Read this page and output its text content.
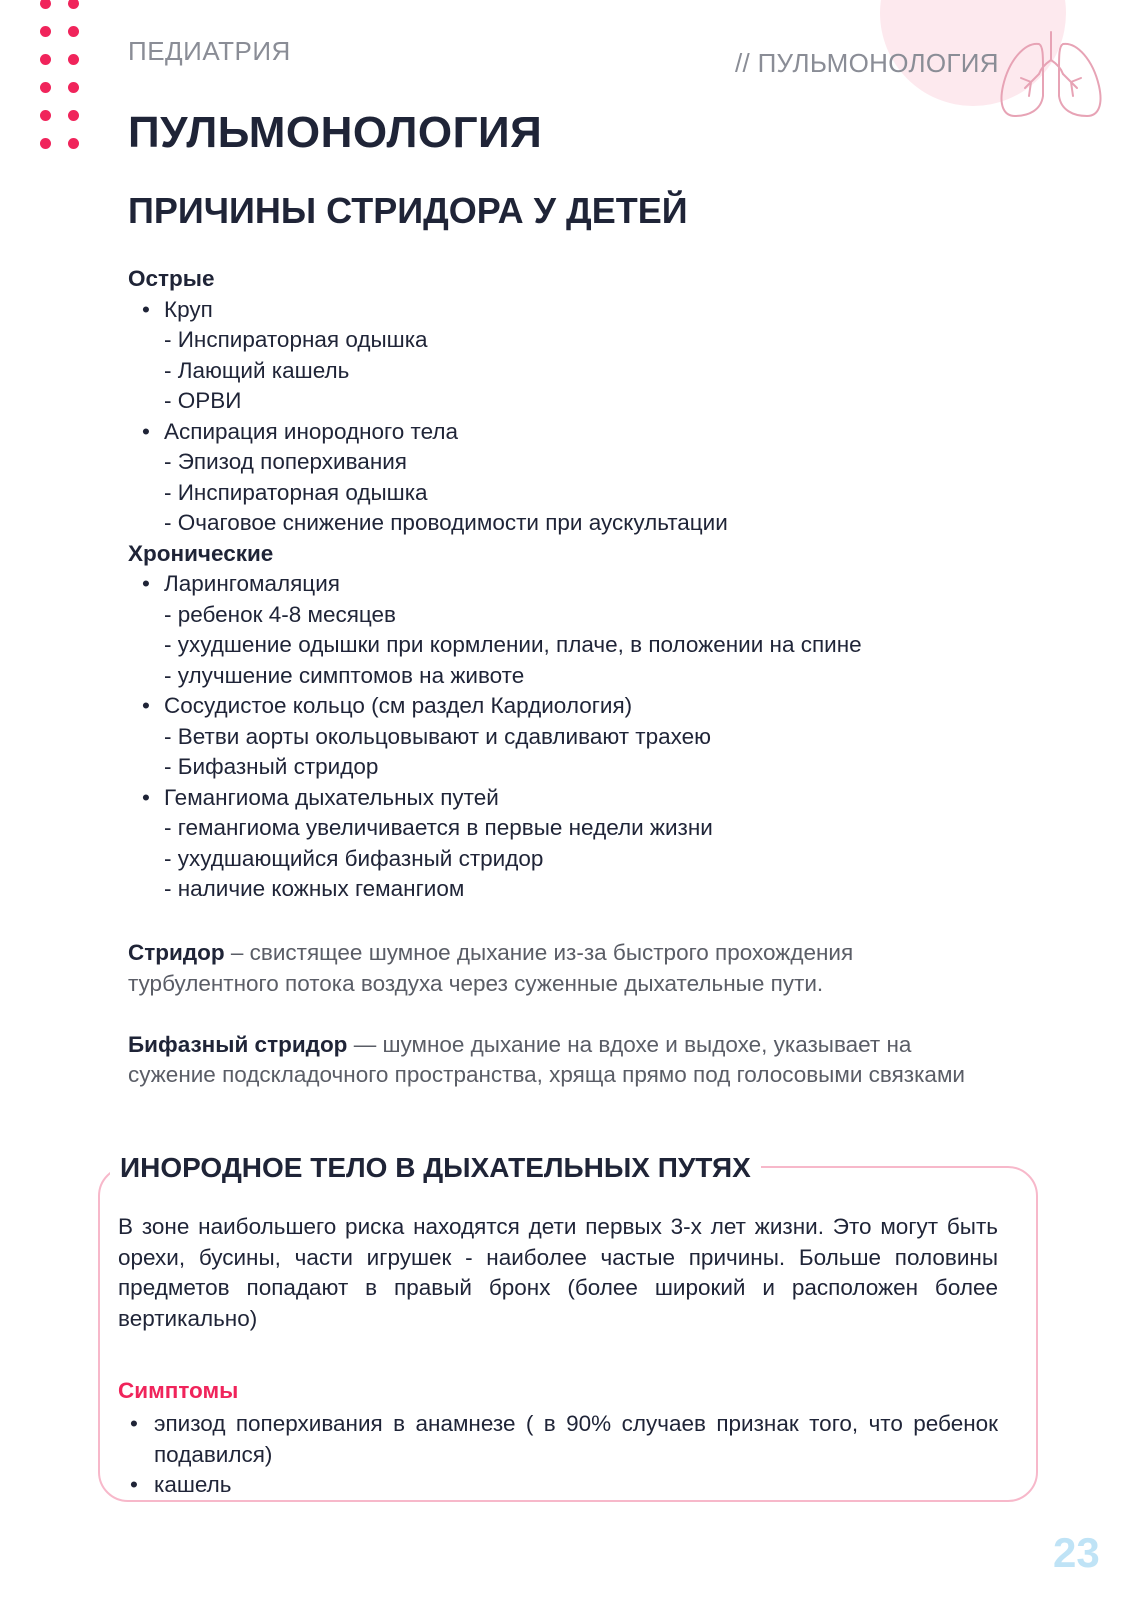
ПЕДИАТРИЯ	// ПУЛЬМОНОЛОГИЯ
ПУЛЬМОНОЛОГИЯ
ПРИЧИНЫ СТРИДОРА У ДЕТЕЙ
Острые
• Круп
- Инспираторная одышка
- Лающий кашель
- ОРВИ
• Аспирация инородного тела
- Эпизод поперхивания
- Инспираторная одышка
- Очаговое снижение проводимости при аускультации
Хронические
• Ларингомаляция
- ребенок 4-8 месяцев
- ухудшение одышки при кормлении, плаче, в положении на спине
- улучшение симптомов на животе
• Сосудистое кольцо (см раздел Кардиология)
- Ветви аорты окольцовывают и сдавливают трахею
- Бифазный стридор
• Гемангиома дыхательных путей
- гемангиома увеличивается в первые недели жизни
- ухудшающийся бифазный стридор
- наличие кожных гемангиом

Стридор – свистящее шумное дыхание из-за быстрого прохождения турбулентного потока воздуха через суженные дыхательные пути.

Бифазный стридор — шумное дыхание на вдохе и выдохе, указывает на сужение подскладочного пространства, хряща прямо под голосовыми связками

ИНОРОДНОЕ ТЕЛО В ДЫХАТЕЛЬНЫХ ПУТЯХ
В зоне наибольшего риска находятся дети первых 3-х лет жизни. Это могут быть орехи, бусины, части игрушек - наиболее частые причины. Больше половины предметов попадают в правый бронх (более широкий и расположен более вертикально)
Симптомы
• эпизод поперхивания в анамнезе ( в 90% случаев признак того, что ребенок подавился)
• кашель
23
